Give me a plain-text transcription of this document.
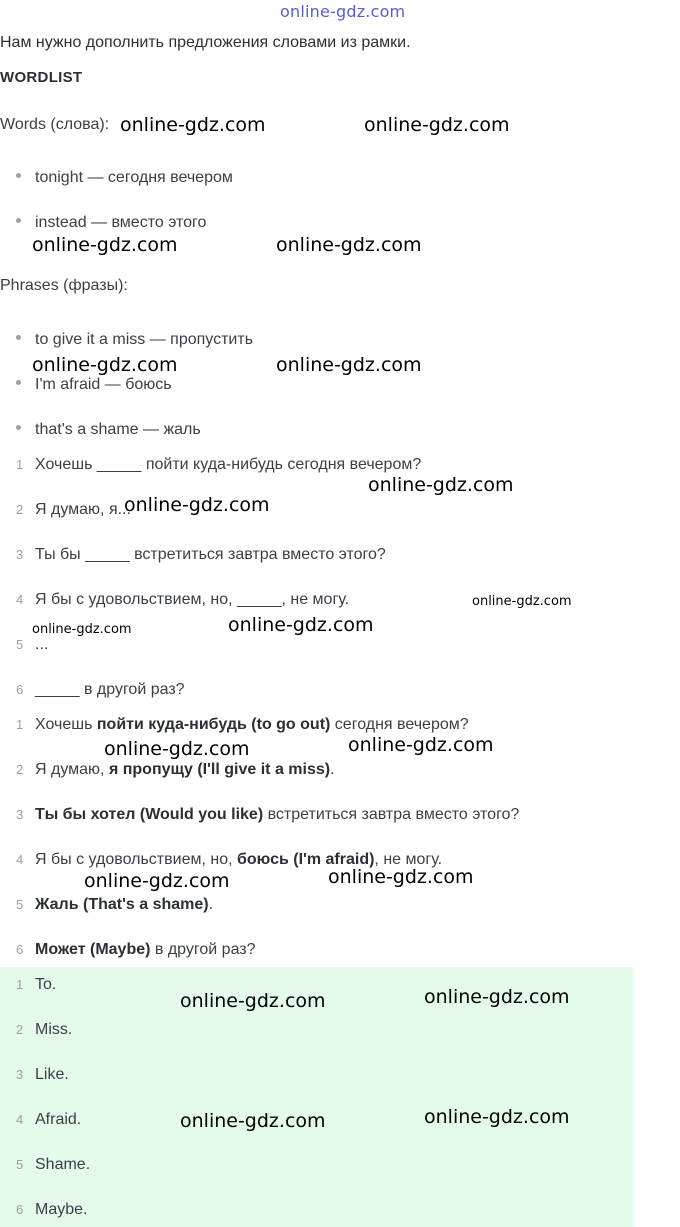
online-gdz.com
Нам нужно дополнить предложения словами из рамки.
WORDLIST
Words (слова):
tonight — сегодня вечером
instead — вместо этого
Phrases (фразы):
to give it a miss — пропустить
I'm afraid — боюсь
that's a shame — жаль
1 Хочешь _____ пойти куда-нибудь сегодня вечером?
2 Я думаю, я...
3 Ты бы _____ встретиться завтра вместо этого?
4 Я бы с удовольствием, но, _____, не могу.
5 ...
6 _____ в другой раз?
1 Хочешь пойти куда-нибудь (to go out) сегодня вечером?
2 Я думаю, я пропущу (I'll give it a miss).
3 Ты бы хотел (Would you like) встретиться завтра вместо этого?
4 Я бы с удовольствием, но, боюсь (I'm afraid), не могу.
5 Жаль (That's a shame).
6 Может (Maybe) в другой раз?
1 To.
2 Miss.
3 Like.
4 Afraid.
5 Shame.
6 Maybe.
online-gdz.com	online-gdz.com
online-gdz.com	online-gdz.com
online-gdz.com	online-gdz.com
online-gdz.com
online-gdz.com
online-gdz.com
online-gdz.com
online-gdz.com
online-gdz.com
online-gdz.com
online-gdz.com
online-gdz.com
online-gdz.com
online-gdz.com
online-gdz.com
online-gdz.com
